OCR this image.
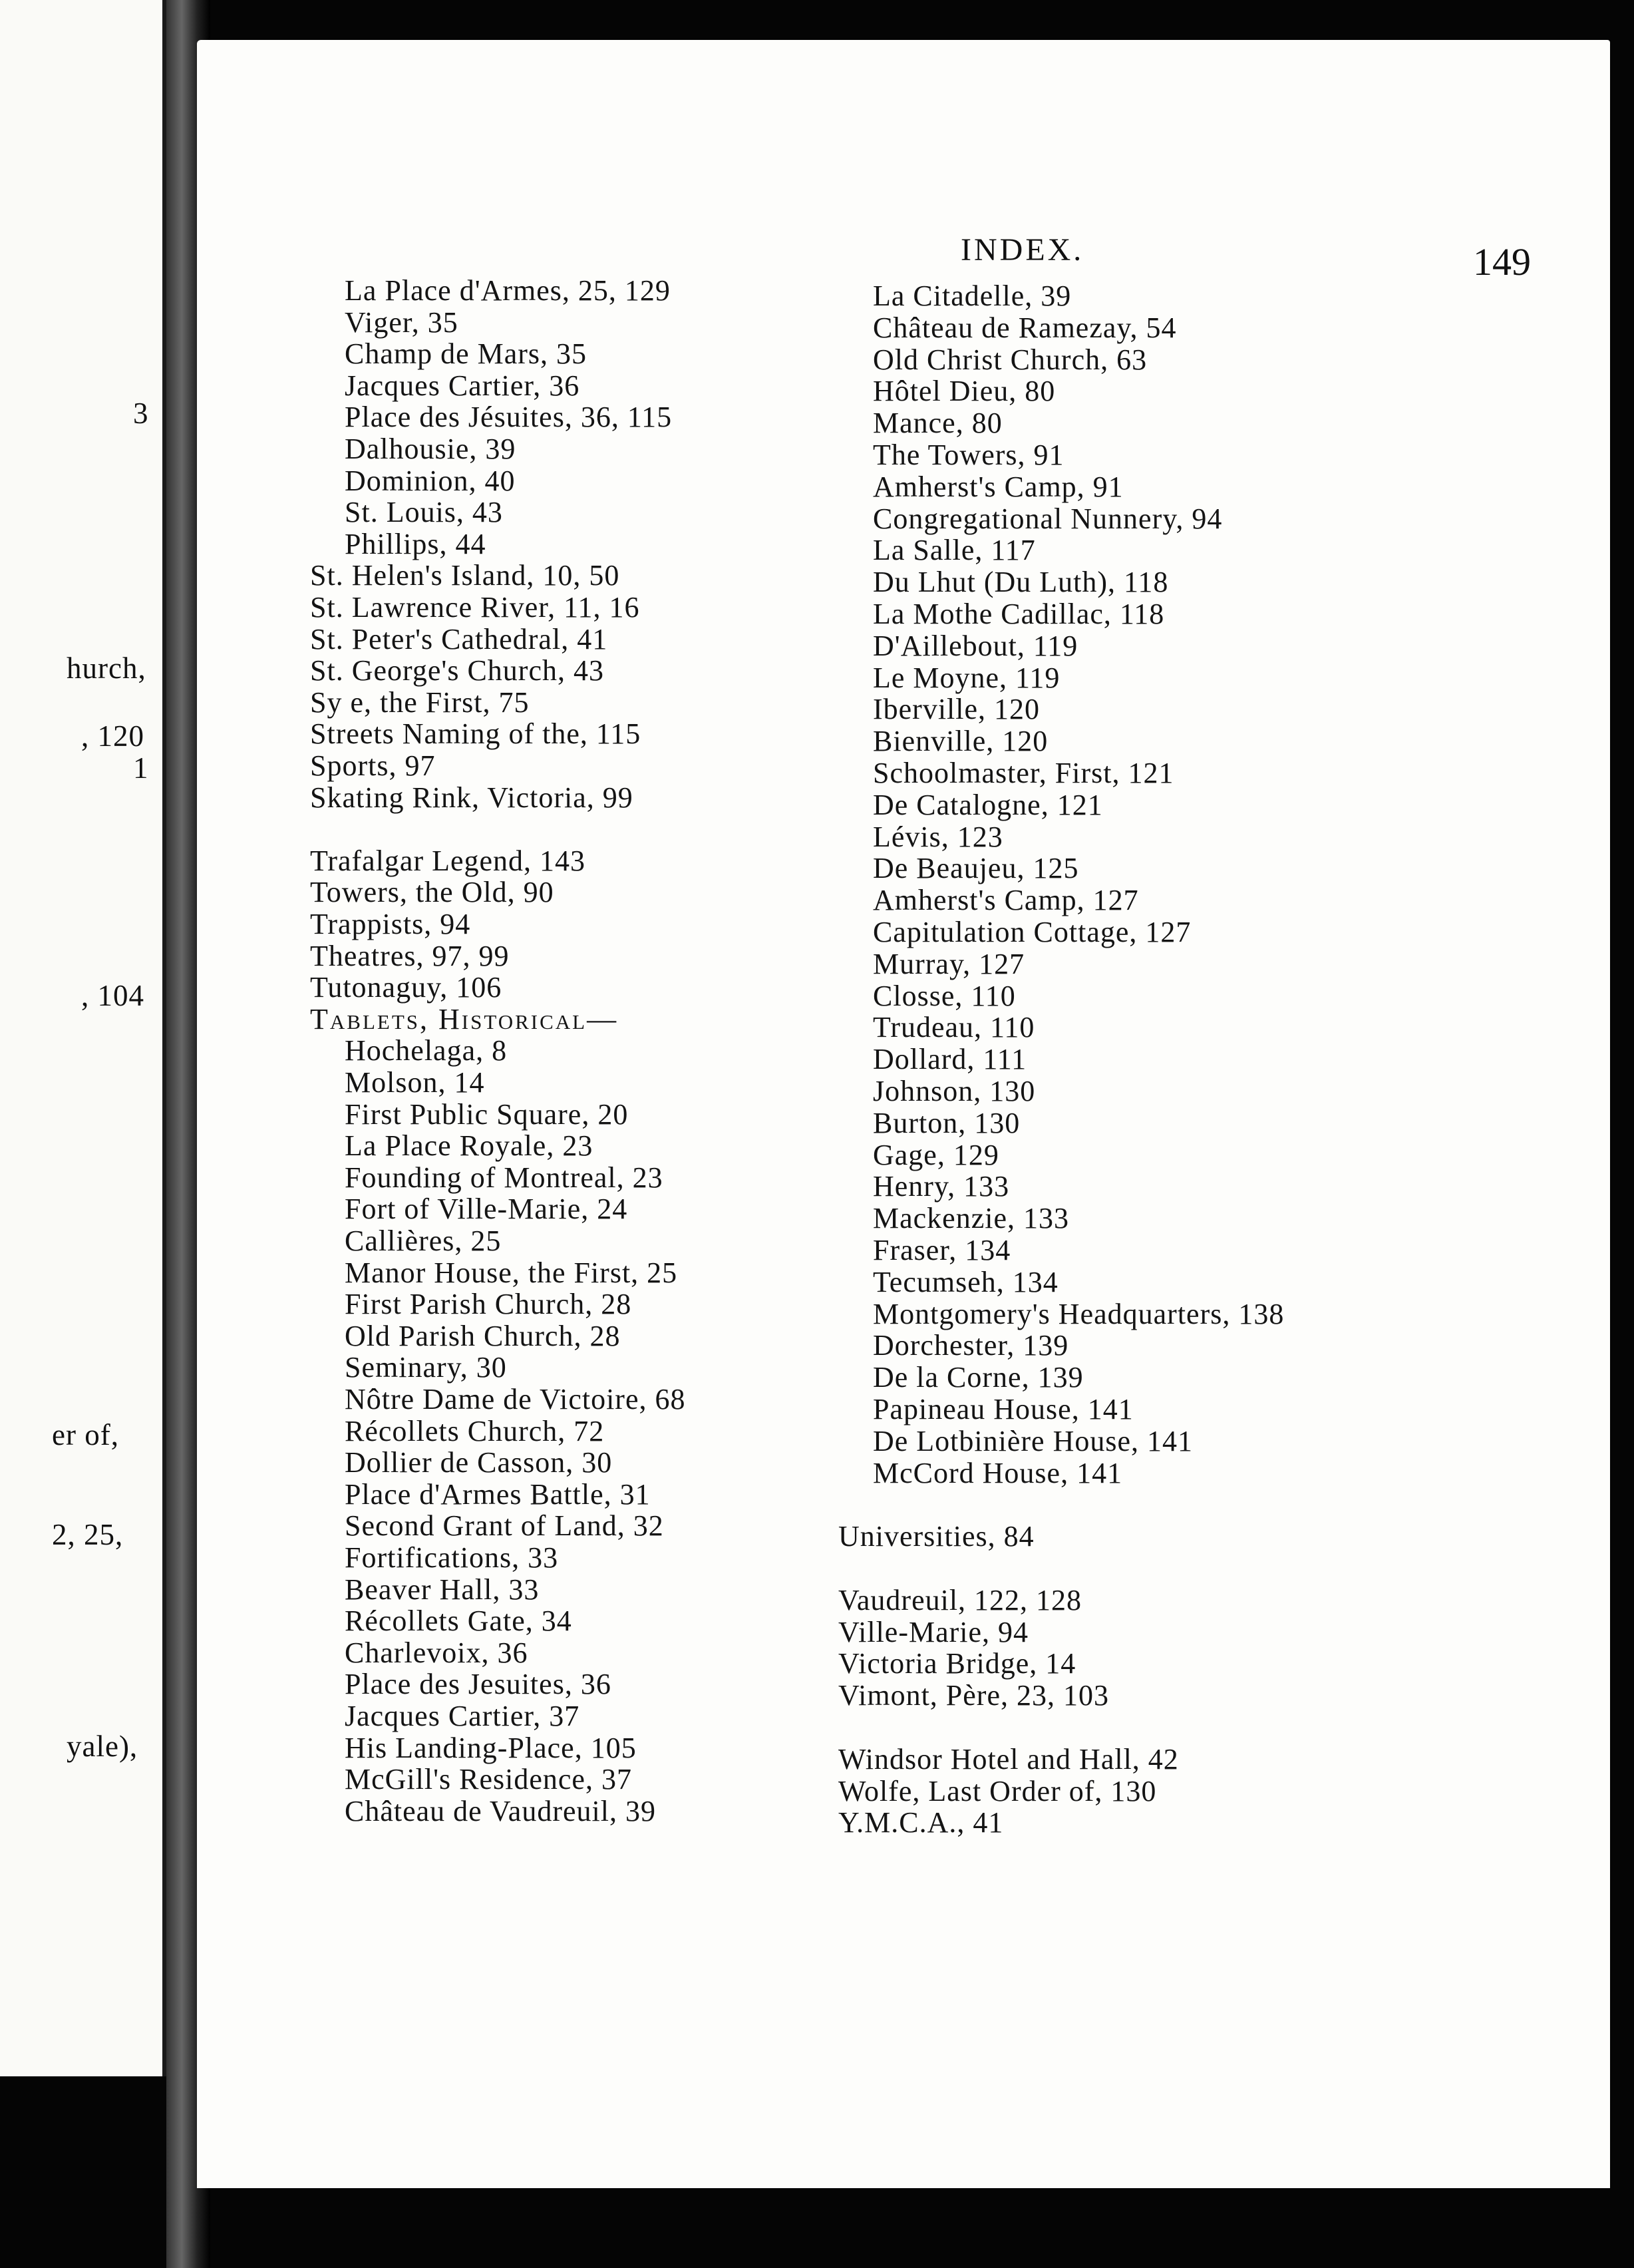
3
hurch,
, 120
1
, 104
er of,
2, 25,
yale),
INDEX.	149
La Place d'Armes, 25, 129
Viger, 35
Champ de Mars, 35
Jacques Cartier, 36
Place des Jésuites, 36, 115
Dalhousie, 39
Dominion, 40
St. Louis, 43
Phillips, 44
St. Helen's Island, 10, 50
St. Lawrence River, 11, 16
St. Peter's Cathedral, 41
St. George's Church, 43
Sy e, the First, 75
Streets Naming of the, 115
Sports, 97
Skating Rink, Victoria, 99
Trafalgar Legend, 143
Towers, the Old, 90
Trappists, 94
Theatres, 97, 99
Tutonaguy, 106
Tablets, Historical—
Hochelaga, 8
Molson, 14
First Public Square, 20
La Place Royale, 23
Founding of Montreal, 23
Fort of Ville-Marie, 24
Callières, 25
Manor House, the First, 25
First Parish Church, 28
Old Parish Church, 28
Seminary, 30
Nôtre Dame de Victoire, 68
Récollets Church, 72
Dollier de Casson, 30
Place d'Armes Battle, 31
Second Grant of Land, 32
Fortifications, 33
Beaver Hall, 33
Récollets Gate, 34
Charlevoix, 36
Place des Jesuites, 36
Jacques Cartier, 37
His Landing-Place, 105
McGill's Residence, 37
Château de Vaudreuil, 39
La Citadelle, 39
Château de Ramezay, 54
Old Christ Church, 63
Hôtel Dieu, 80
Mance, 80
The Towers, 91
Amherst's Camp, 91
Congregational Nunnery, 94
La Salle, 117
Du Lhut (Du Luth), 118
La Mothe Cadillac, 118
D'Aillebout, 119
Le Moyne, 119
Iberville, 120
Bienville, 120
Schoolmaster, First, 121
De Catalogne, 121
Lévis, 123
De Beaujeu, 125
Amherst's Camp, 127
Capitulation Cottage, 127
Murray, 127
Closse, 110
Trudeau, 110
Dollard, 111
Johnson, 130
Burton, 130
Gage, 129
Henry, 133
Mackenzie, 133
Fraser, 134
Tecumseh, 134
Montgomery's Headquarters, 138
Dorchester, 139
De la Corne, 139
Papineau House, 141
De Lotbinière House, 141
McCord House, 141
Universities, 84
Vaudreuil, 122, 128
Ville-Marie, 94
Victoria Bridge, 14
Vimont, Père, 23, 103
Windsor Hotel and Hall, 42
Wolfe, Last Order of, 130
Y.M.C.A., 41
